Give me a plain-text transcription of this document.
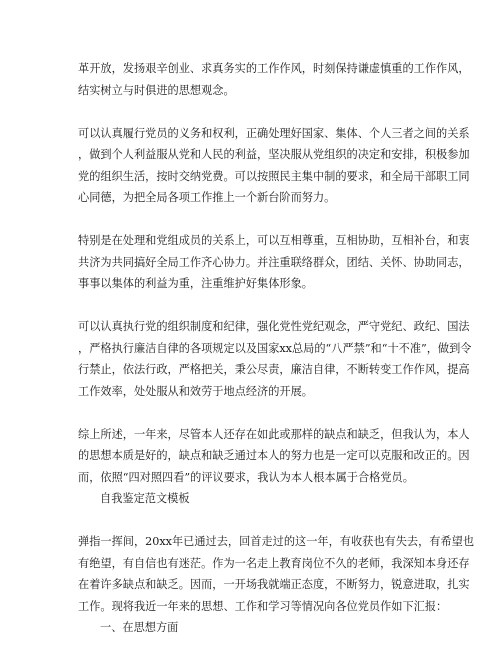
革开放，发扬艰辛创业、求真务实的工作作风，时刻保持谦虚慎重的工作作风，
结实树立与时俱进的思想观念。
可以认真履行党员的义务和权利，正确处理好国家、集体、个人三者之间的关系
，做到个人利益服从党和人民的利益，坚决服从党组织的决定和安排，积极参加
党的组织生活，按时交纳党费。可以按照民主集中制的要求，和全局干部职工同
心同德，为把全局各项工作推上一个新台阶而努力。
特别是在处理和党组成员的关系上，可以互相尊重，互相协助，互相补台，和衷
共济为共同搞好全局工作齐心协力。并注重联络群众，团结、关怀、协助同志，
事事以集体的利益为重，注重维护好集体形象。
可以认真执行党的组织制度和纪律，强化党性党纪观念，严守党纪、政纪、国法
，严格执行廉洁自律的各项规定以及国家xx总局的“八严禁”和“十不准”，做到令
行禁止，依法行政，严格把关，秉公尽责，廉洁自律，不断转变工作作风，提高
工作效率，处处服从和效劳于地点经济的开展。
综上所述，一年来，尽管本人还存在如此或那样的缺点和缺乏，但我认为，本人
的思想本质是好的，缺点和缺乏通过本人的努力也是一定可以克服和改正的。因
而，依照“四对照四看”的评议要求，我认为本人根本属于合格党员。
自我鉴定范文模板
弹指一挥间，20xx年已通过去，回首走过的这一年，有收获也有失去，有希望也
有绝望，有自信也有迷茫。作为一名走上教育岗位不久的老师，我深知本身还存
在着许多缺点和缺乏。因而，一开场我就端正态度，不断努力，锐意进取，扎实
工作。现将我近一年来的思想、工作和学习等情况向各位党员作如下汇报：
一、在思想方面
